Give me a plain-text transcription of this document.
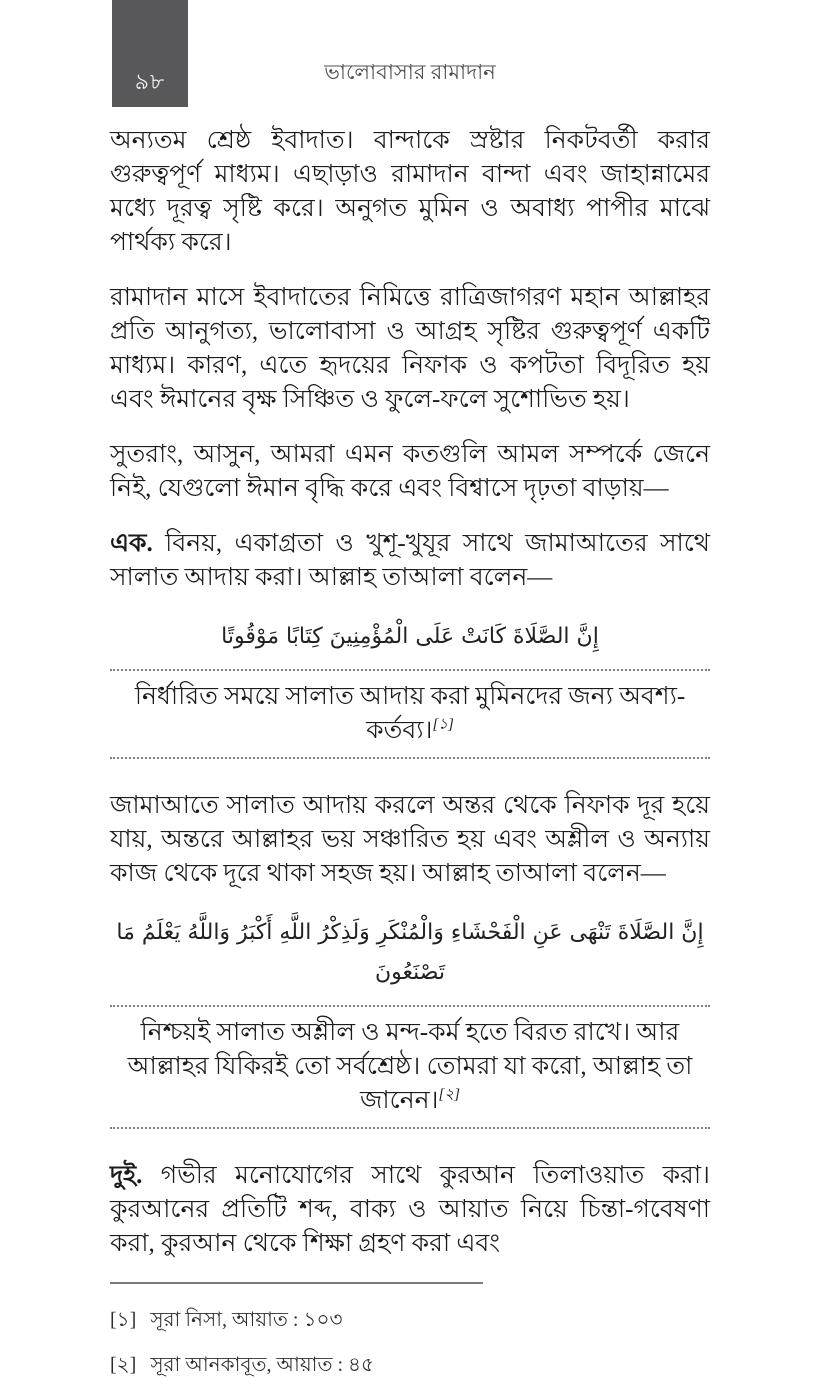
৯৮	ভালোবাসার রামাদান

অন্যতম শ্রেষ্ঠ ইবাদাত। বান্দাকে স্রষ্টার নিকটবর্তী করার গুরুত্বপূর্ণ মাধ্যম। এছাড়াও রামাদান বান্দা এবং জাহান্নামের মধ্যে দূরত্ব সৃষ্টি করে। অনুগত মুমিন ও অবাধ্য পাপীর মাঝে পার্থক্য করে।

রামাদান মাসে ইবাদাতের নিমিত্তে রাত্রিজাগরণ মহান আল্লাহর প্রতি আনুগত্য, ভালোবাসা ও আগ্রহ সৃষ্টির গুরুত্বপূর্ণ একটি মাধ্যম। কারণ, এতে হৃদয়ের নিফাক ও কপটতা বিদূরিত হয় এবং ঈমানের বৃক্ষ সিঞ্চিত ও ফুলে-ফলে সুশোভিত হয়।

সুতরাং, আসুন, আমরা এমন কতগুলি আমল সম্পর্কে জেনে নিই, যেগুলো ঈমান বৃদ্ধি করে এবং বিশ্বাসে দৃঢ়তা বাড়ায়—

এক. বিনয়, একাগ্রতা ও খুশূ-খুযূর সাথে জামাআতের সাথে সালাত আদায় করা। আল্লাহ তাআলা বলেন—

إِنَّ الصَّلَاةَ كَانَتْ عَلَى الْمُؤْمِنِينَ كِتَابًا مَوْقُوتًا
নির্ধারিত সময়ে সালাত আদায় করা মুমিনদের জন্য অবশ্য-কর্তব্য।[১]

জামাআতে সালাত আদায় করলে অন্তর থেকে নিফাক দূর হয়ে যায়, অন্তরে আল্লাহর ভয় সঞ্চারিত হয় এবং অশ্লীল ও অন্যায় কাজ থেকে দূরে থাকা সহজ হয়। আল্লাহ তাআলা বলেন—

إِنَّ الصَّلَاةَ تَنْهَى عَنِ الْفَحْشَاءِ وَالْمُنْكَرِ وَلَذِكْرُ اللَّهِ أَكْبَرُ وَاللَّهُ يَعْلَمُ مَا تَصْنَعُونَ
নিশ্চয়ই সালাত অশ্লীল ও মন্দ-কর্ম হতে বিরত রাখে। আর আল্লাহর যিকিরই তো সর্বশ্রেষ্ঠ। তোমরা যা করো, আল্লাহ তা জানেন।[২]

দুই. গভীর মনোযোগের সাথে কুরআন তিলাওয়াত করা। কুরআনের প্রতিটি শব্দ, বাক্য ও আয়াত নিয়ে চিন্তা-গবেষণা করা, কুরআন থেকে শিক্ষা গ্রহণ করা এবং

[১] সূরা নিসা, আয়াত : ১০৩
[২] সূরা আনকাবূত, আয়াত : ৪৫
